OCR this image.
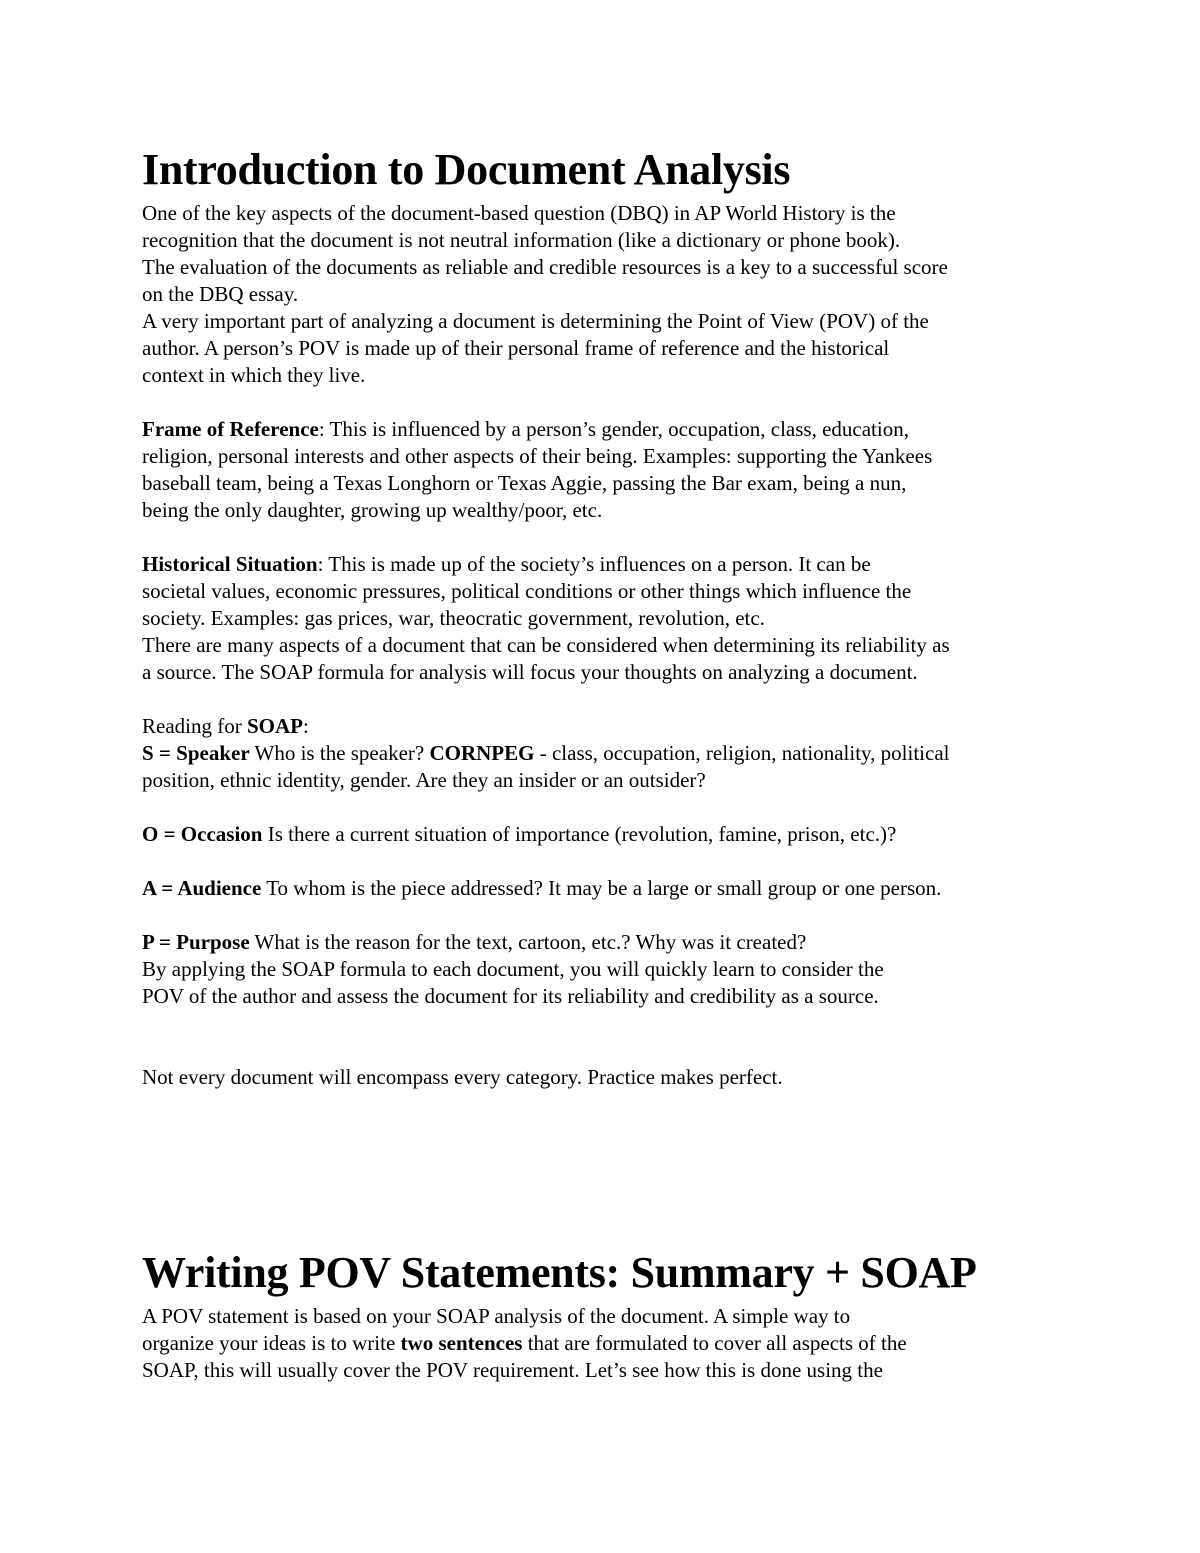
Introduction to Document Analysis
One of the key aspects of the document-based question (DBQ) in AP World History is the
recognition that the document is not neutral information (like a dictionary or phone book).
The evaluation of the documents as reliable and credible resources is a key to a successful score
on the DBQ essay.
A very important part of analyzing a document is determining the Point of View (POV) of the
author. A person’s POV is made up of their personal frame of reference and the historical
context in which they live.
Frame of Reference: This is influenced by a person’s gender, occupation, class, education,
religion, personal interests and other aspects of their being. Examples: supporting the Yankees
baseball team, being a Texas Longhorn or Texas Aggie, passing the Bar exam, being a nun,
being the only daughter, growing up wealthy/poor, etc.
Historical Situation: This is made up of the society’s influences on a person. It can be
societal values, economic pressures, political conditions or other things which influence the
society. Examples: gas prices, war, theocratic government, revolution, etc.
There are many aspects of a document that can be considered when determining its reliability as
a source. The SOAP formula for analysis will focus your thoughts on analyzing a document.
Reading for SOAP:
S = Speaker Who is the speaker? CORNPEG - class, occupation, religion, nationality, political
position, ethnic identity, gender. Are they an insider or an outsider?
O = Occasion Is there a current situation of importance (revolution, famine, prison, etc.)?
A = Audience To whom is the piece addressed? It may be a large or small group or one person.
P = Purpose What is the reason for the text, cartoon, etc.? Why was it created?
By applying the SOAP formula to each document, you will quickly learn to consider the
POV of the author and assess the document for its reliability and credibility as a source.
Not every document will encompass every category. Practice makes perfect.
Writing POV Statements: Summary + SOAP
A POV statement is based on your SOAP analysis of the document. A simple way to
organize your ideas is to write two sentences that are formulated to cover all aspects of the
SOAP, this will usually cover the POV requirement. Let’s see how this is done using the
